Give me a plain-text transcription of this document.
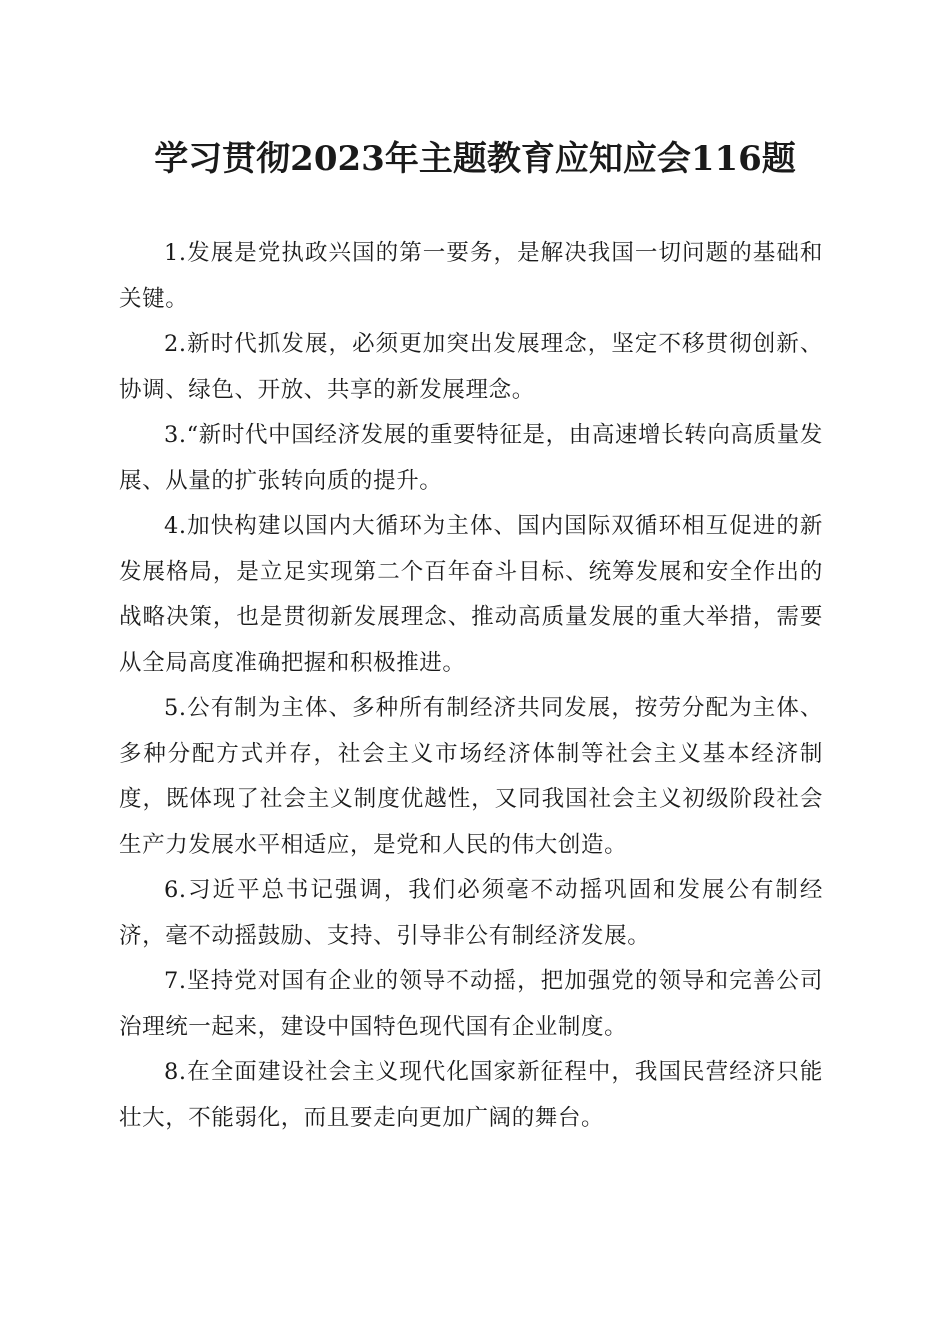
学习贯彻2023年主题教育应知应会116题

1.发展是党执政兴国的第一要务，是解决我国一切问题的基础和关键。

2.新时代抓发展，必须更加突出发展理念，坚定不移贯彻创新、协调、绿色、开放、共享的新发展理念。

3.“新时代中国经济发展的重要特征是，由高速增长转向高质量发展、从量的扩张转向质的提升。

4.加快构建以国内大循环为主体、国内国际双循环相互促进的新发展格局，是立足实现第二个百年奋斗目标、统筹发展和安全作出的战略决策，也是贯彻新发展理念、推动高质量发展的重大举措，需要从全局高度准确把握和积极推进。

5.公有制为主体、多种所有制经济共同发展，按劳分配为主体、多种分配方式并存，社会主义市场经济体制等社会主义基本经济制度，既体现了社会主义制度优越性，又同我国社会主义初级阶段社会生产力发展水平相适应，是党和人民的伟大创造。

6.习近平总书记强调，我们必须毫不动摇巩固和发展公有制经济，毫不动摇鼓励、支持、引导非公有制经济发展。

7.坚持党对国有企业的领导不动摇，把加强党的领导和完善公司治理统一起来，建设中国特色现代国有企业制度。

8.在全面建设社会主义现代化国家新征程中，我国民营经济只能壮大，不能弱化，而且要走向更加广阔的舞台。
